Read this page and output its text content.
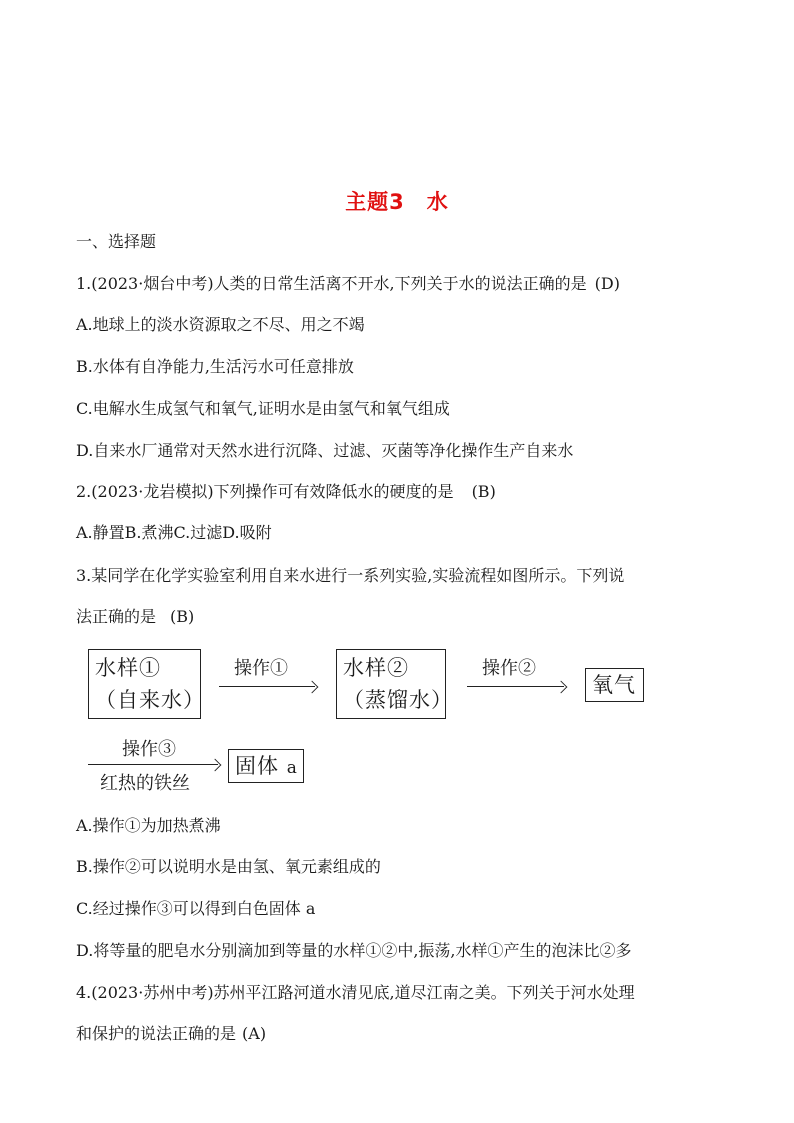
主题3　水
一、选择题
1.(2023·烟台中考)人类的日常生活离不开水,下列关于水的说法正确的是 (D)
A.地球上的淡水资源取之不尽、用之不竭
B.水体有自净能力,生活污水可任意排放
C.电解水生成氢气和氧气,证明水是由氢气和氧气组成
D.自来水厂通常对天然水进行沉降、过滤、灭菌等净化操作生产自来水
2.(2023·龙岩模拟)下列操作可有效降低水的硬度的是 (B)
A.静置B.煮沸C.过滤D.吸附
3.某同学在化学实验室利用自来水进行一系列实验,实验流程如图所示。下列说
法正确的是 (B)
水样①
（自来水）
操作①	水样②
（蒸馏水）
操作②
氧气
操作③
红热的铁丝
固体 a
A.操作①为加热煮沸
B.操作②可以说明水是由氢、氧元素组成的
C.经过操作③可以得到白色固体 a
D.将等量的肥皂水分别滴加到等量的水样①②中,振荡,水样①产生的泡沫比②多
4.(2023·苏州中考)苏州平江路河道水清见底,道尽江南之美。下列关于河水处理
和保护的说法正确的是 (A)
